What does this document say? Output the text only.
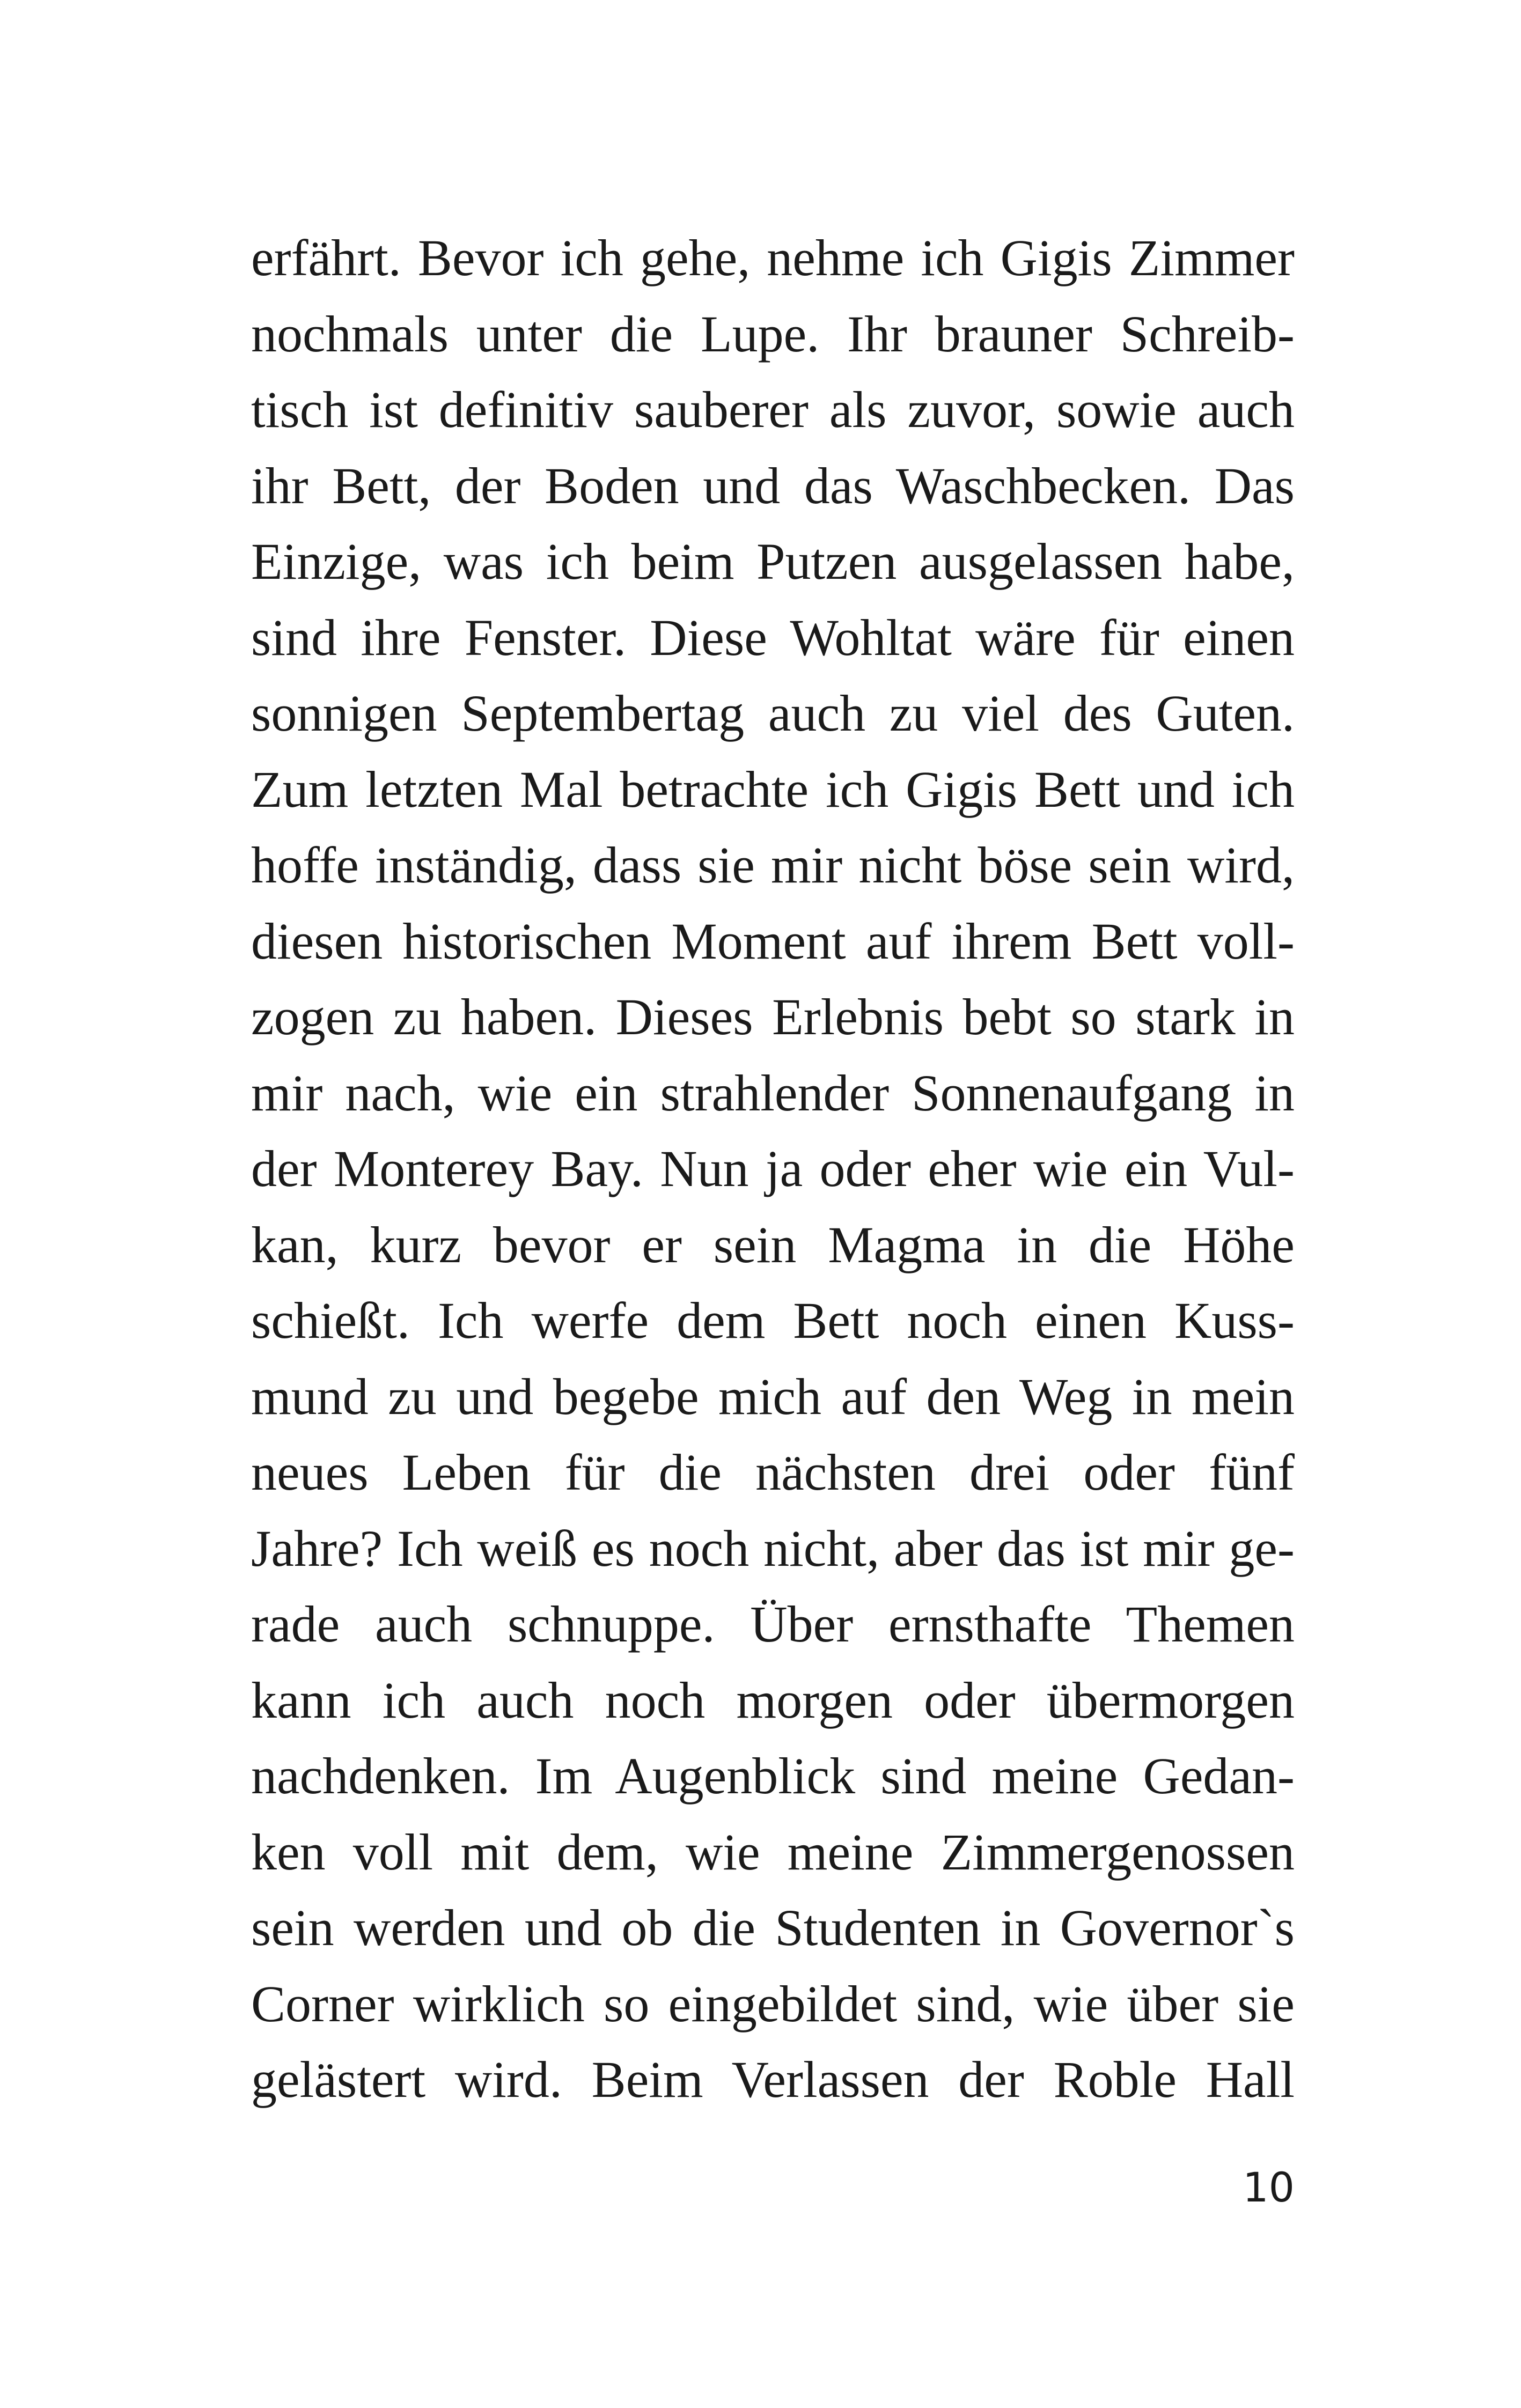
erfährt. Bevor ich gehe, nehme ich Gigis Zimmer
nochmals unter die Lupe. Ihr brauner Schreib-
tisch ist definitiv sauberer als zuvor, sowie auch
ihr Bett, der Boden und das Waschbecken. Das
Einzige, was ich beim Putzen ausgelassen habe,
sind ihre Fenster. Diese Wohltat wäre für einen
sonnigen Septembertag auch zu viel des Guten.
Zum letzten Mal betrachte ich Gigis Bett und ich
hoffe inständig, dass sie mir nicht böse sein wird,
diesen historischen Moment auf ihrem Bett voll-
zogen zu haben. Dieses Erlebnis bebt so stark in
mir nach, wie ein strahlender Sonnenaufgang in
der Monterey Bay. Nun ja oder eher wie ein Vul-
kan, kurz bevor er sein Magma in die Höhe
schießt. Ich werfe dem Bett noch einen Kuss-
mund zu und begebe mich auf den Weg in mein
neues Leben für die nächsten drei oder fünf
Jahre? Ich weiß es noch nicht, aber das ist mir ge-
rade auch schnuppe. Über ernsthafte Themen
kann ich auch noch morgen oder übermorgen
nachdenken. Im Augenblick sind meine Gedan-
ken voll mit dem, wie meine Zimmergenossen
sein werden und ob die Studenten in Governor`s
Corner wirklich so eingebildet sind, wie über sie
gelästert wird. Beim Verlassen der Roble Hall
10
